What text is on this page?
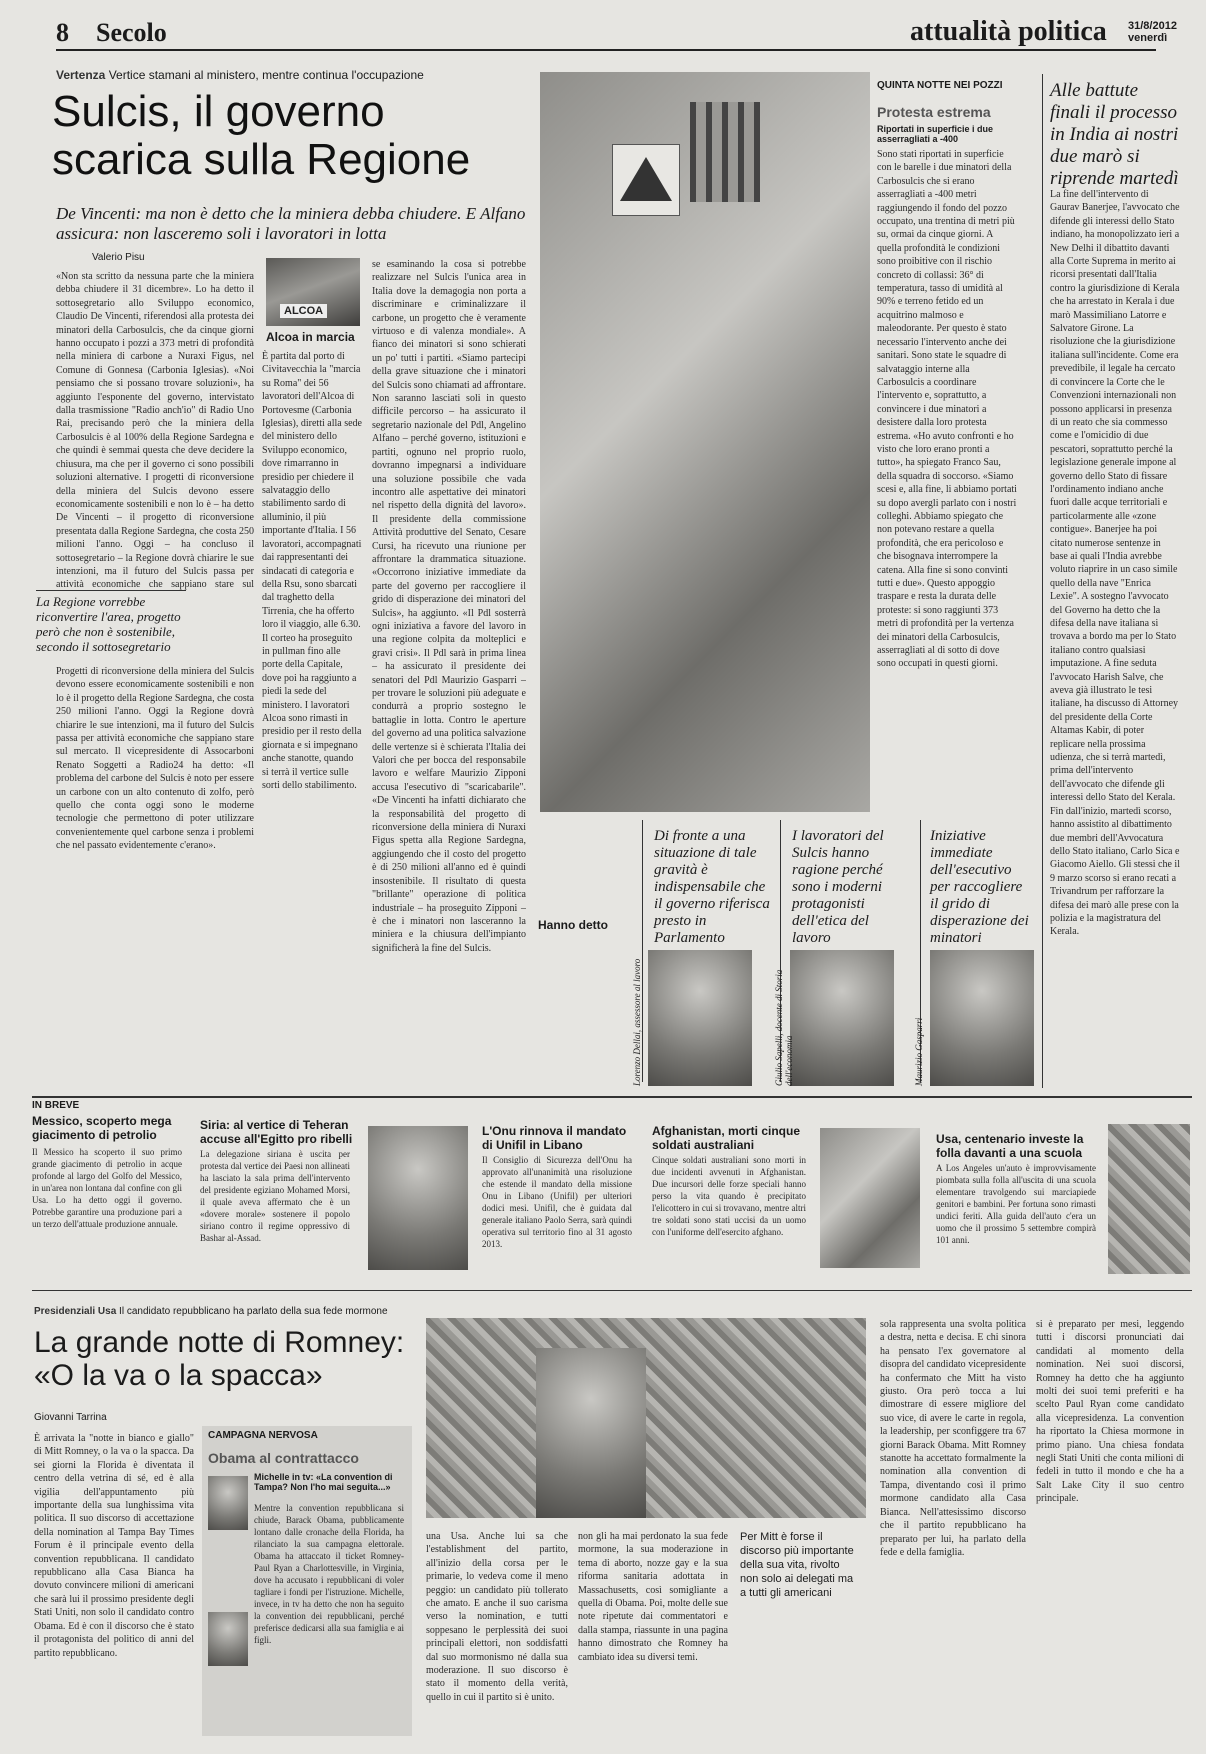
8 Secolo	attualità politica 31/8/2012 venerdì
Vertenza Vertice stamani al ministero, mentre continua l'occupazione
Sulcis, il governo scarica sulla Regione
De Vincenti: ma non è detto che la miniera debba chiudere. E Alfano assicura: non lasceremo soli i lavoratori in lotta
Valerio Pisu
«Non sta scritto da nessuna parte che la miniera debba chiudere il 31 dicembre». Lo ha detto il sottosegretario allo Sviluppo economico, Claudio De Vincenti, riferendosi alla protesta dei minatori della Carbosulcis, che da cinque giorni hanno occupato i pozzi a 373 metri di profondità nella miniera di carbone a Nuraxi Figus, nel Comune di Gonnesa (Carbonia Iglesias). «Noi pensiamo che si possano trovare soluzioni», ha aggiunto l'esponente del governo, intervistato dalla trasmissione "Radio anch'io" di Radio Uno Rai, precisando però che la miniera della Carbosulcis è al 100% della Regione Sardegna e che quindi è semmai questa che deve decidere la chiusura, ma che per il governo ci sono possibili soluzioni alternative. I progetti di riconversione della miniera del Sulcis devono essere economicamente sostenibili e non lo è – ha detto De Vincenti – il progetto di riconversione presentata dalla Regione Sardegna, che costa 250 milioni l'anno. Oggi – ha concluso il sottosegretario – la Regione dovrà chiarire le sue intenzioni, ma il futuro del Sulcis passa per attività economiche che sappiano stare sul
La Regione vorrebbe riconvertire l'area, progetto però che non è sostenibile, secondo il sottosegretario
Progetti di riconversione della miniera del Sulcis devono essere economicamente sostenibili e non lo è il progetto della Regione Sardegna, che costa 250 milioni l'anno. Oggi la Regione dovrà chiarire le sue intenzioni, ma il futuro del Sulcis passa per attività economiche che sappiano stare sul mercato. Il vicepresidente di Assocarboni Renato Soggetti a Radio24 ha detto: «Il problema del carbone del Sulcis è noto per essere un carbone con un alto contenuto di zolfo, però quello che conta oggi sono le moderne tecnologie che permettono di poter utilizzare convenientemente quel carbone senza i problemi che nel passato evidentemente c'erano».
ALCOA
Alcoa in marcia
È partita dal porto di Civitavecchia la "marcia su Roma" dei 56 lavoratori dell'Alcoa di Portovesme (Carbonia Iglesias), diretti alla sede del ministero dello Sviluppo economico, dove rimarranno in presidio per chiedere il salvataggio dello stabilimento sardo di alluminio, il più importante d'Italia. I 56 lavoratori, accompagnati dai rappresentanti dei sindacati di categoria e della Rsu, sono sbarcati dal traghetto della Tirrenia, che ha offerto loro il viaggio, alle 6.30. Il corteo ha proseguito in pullman fino alle porte della Capitale, dove poi ha raggiunto a piedi la sede del ministero. I lavoratori Alcoa sono rimasti in presidio per il resto della giornata e si impegnano anche stanotte, quando si terrà il vertice sulle sorti dello stabilimento.
se esaminando la cosa si potrebbe realizzare nel Sulcis l'unica area in Italia dove la demagogia non porta a discriminare e criminalizzare il carbone, un progetto che è veramente virtuoso e di valenza mondiale». A fianco dei minatori si sono schierati un po' tutti i partiti. «Siamo partecipi della grave situazione che i minatori del Sulcis sono chiamati ad affrontare. Non saranno lasciati soli in questo difficile percorso – ha assicurato il segretario nazionale del Pdl, Angelino Alfano – perché governo, istituzioni e partiti, ognuno nel proprio ruolo, dovranno impegnarsi a individuare una soluzione possibile che vada incontro alle aspettative dei minatori nel rispetto della dignità del lavoro». Il presidente della commissione Attività produttive del Senato, Cesare Cursi, ha ricevuto una riunione per affrontare la drammatica situazione. «Occorrono iniziative immediate da parte del governo per raccogliere il grido di disperazione dei minatori del Sulcis», ha aggiunto. «Il Pdl sosterrà ogni iniziativa a favore del lavoro in una regione colpita da molteplici e gravi crisi». Il Pdl sarà in prima linea – ha assicurato il presidente dei senatori del Pdl Maurizio Gasparri – per trovare le soluzioni più adeguate e condurrà a proprio sostegno le battaglie in lotta. Contro le aperture del governo ad una politica salvazione delle vertenze si è schierata l'Italia dei Valori che per bocca del responsabile lavoro e welfare Maurizio Zipponi accusa l'esecutivo di "scaricabarile". «De Vincenti ha infatti dichiarato che la responsabilità del progetto di riconversione della miniera di Nuraxi Figus spetta alla Regione Sardegna, aggiungendo che il costo del progetto è di 250 milioni all'anno ed è quindi insostenibile. Il risultato di questa "brillante" operazione di politica industriale – ha proseguito Zipponi – è che i minatori non lasceranno la miniera e la chiusura dell'impianto significherà la fine del Sulcis.
QUINTA NOTTE NEI POZZI
Protesta estrema
Riportati in superficie i due asserragliati a -400
Sono stati riportati in superficie con le barelle i due minatori della Carbosulcis che si erano asserragliati a -400 metri raggiungendo il fondo del pozzo occupato, una trentina di metri più su, ormai da cinque giorni. A quella profondità le condizioni sono proibitive con il rischio concreto di collassi: 36° di temperatura, tasso di umidità al 90% e terreno fetido ed un acquitrino malmoso e maleodorante. Per questo è stato necessario l'intervento anche dei sanitari. Sono state le squadre di salvataggio interne alla Carbosulcis a coordinare l'intervento e, soprattutto, a convincere i due minatori a desistere dalla loro protesta estrema. «Ho avuto confronti e ho visto che loro erano pronti a tutto», ha spiegato Franco Sau, della squadra di soccorso. «Siamo scesi e, alla fine, li abbiamo portati su dopo avergli parlato con i nostri colleghi. Abbiamo spiegato che non potevano restare a quella profondità, che era pericoloso e che bisognava interrompere la catena. Alla fine si sono convinti tutti e due». Questo appoggio traspare e resta la durata delle proteste: si sono raggiunti 373 metri di profondità per la vertenza dei minatori della Carbosulcis, asserragliati al di sotto di dove sono occupati in questi giorni.
Hanno detto
Di fronte a una situazione di tale gravità è indispensabile che il governo riferisca presto in Parlamento
Lorenzo Dellai, assessore al lavoro
I lavoratori del Sulcis hanno ragione perché sono i moderni protagonisti dell'etica del lavoro
Giulio Sapelli, docente di Storia dell'economia
Iniziative immediate dell'esecutivo per raccogliere il grido di disperazione dei minatori
Maurizio Gasparri
Alle battute finali il processo in India ai nostri due marò si riprende martedì
La fine dell'intervento di Gaurav Banerjee, l'avvocato che difende gli interessi dello Stato indiano, ha monopolizzato ieri a New Delhi il dibattito davanti alla Corte Suprema in merito ai ricorsi presentati dall'Italia contro la giurisdizione di Kerala che ha arrestato in Kerala i due marò Massimiliano Latorre e Salvatore Girone. La risoluzione che la giurisdizione italiana sull'incidente. Come era prevedibile, il legale ha cercato di convincere la Corte che le Convenzioni internazionali non possono applicarsi in presenza di un reato che sia commesso come e l'omicidio di due pescatori, soprattutto perché la legislazione generale impone al governo dello Stato di fissare l'ordinamento indiano anche fuori dalle acque territoriali e particolarmente alle «zone contigue». Banerjee ha poi citato numerose sentenze in base ai quali l'India avrebbe voluto riaprire in un caso simile quello della nave "Enrica Lexie". A sostegno l'avvocato del Governo ha detto che la difesa della nave italiana si trovava a bordo ma per lo Stato italiano contro qualsiasi imputazione. A fine seduta l'avvocato Harish Salve, che aveva già illustrato le tesi italiane, ha discusso di Attorney del presidente della Corte Altamas Kabir, di poter replicare nella prossima udienza, che si terrà martedì, prima dell'intervento dell'avvocato che difende gli interessi dello Stato del Kerala. Fin dall'inizio, martedì scorso, hanno assistito al dibattimento due membri dell'Avvocatura dello Stato italiano, Carlo Sica e Giacomo Aiello. Gli stessi che il 9 marzo scorso si erano recati a Trivandrum per rafforzare la difesa dei marò alle prese con la polizia e la magistratura del Kerala.
IN BREVE
Messico, scoperto mega giacimento di petrolio
Il Messico ha scoperto il suo primo grande giacimento di petrolio in acque profonde al largo del Golfo del Messico, in un'area non lontana dal confine con gli Usa. Lo ha detto oggi il governo. Potrebbe garantire una produzione pari a un terzo dell'attuale produzione annuale.
Siria: al vertice di Teheran accuse all'Egitto pro ribelli
La delegazione siriana è uscita per protesta dal vertice dei Paesi non allineati ha lasciato la sala prima dell'intervento del presidente egiziano Mohamed Morsi, il quale aveva affermato che è un «dovere morale» sostenere il popolo siriano contro il regime oppressivo di Bashar al-Assad.
L'Onu rinnova il mandato di Unifil in Libano
Il Consiglio di Sicurezza dell'Onu ha approvato all'unanimità una risoluzione che estende il mandato della missione Onu in Libano (Unifil) per ulteriori dodici mesi. Unifil, che è guidata dal generale italiano Paolo Serra, sarà quindi operativa sul territorio fino al 31 agosto 2013.
Afghanistan, morti cinque soldati australiani
Cinque soldati australiani sono morti in due incidenti avvenuti in Afghanistan. Due incursori delle forze speciali hanno perso la vita quando è precipitato l'elicottero in cui si trovavano, mentre altri tre soldati sono stati uccisi da un uomo con l'uniforme dell'esercito afghano.
Usa, centenario investe la folla davanti a una scuola
A Los Angeles un'auto è improvvisamente piombata sulla folla all'uscita di una scuola elementare travolgendo sui marciapiede genitori e bambini. Per fortuna sono rimasti undici feriti. Alla guida dell'auto c'era un uomo che il prossimo 5 settembre compirà 101 anni.
Presidenziali Usa Il candidato repubblicano ha parlato della sua fede mormone
La grande notte di Romney: «O la va o la spacca»
Giovanni Tarrina
È arrivata la "notte in bianco e giallo" di Mitt Romney, o la va o la spacca. Da sei giorni la Florida è diventata il centro della vetrina di sé, ed è alla vigilia dell'appuntamento più importante della sua lunghissima vita politica. Il suo discorso di accettazione della nomination al Tampa Bay Times Forum è il principale evento della convention repubblicana. Il candidato repubblicano alla Casa Bianca ha dovuto convincere milioni di americani che sarà lui il prossimo presidente degli Stati Uniti, non solo il candidato contro Obama. Ed è con il discorso che è stato il protagonista del politico di anni del partito repubblicano.
CAMPAGNA NERVOSA
Obama al contrattacco
Michelle in tv: «La convention di Tampa? Non l'ho mai seguita...»
Mentre la convention repubblicana si chiude, Barack Obama, pubblicamente lontano dalle cronache della Florida, ha rilanciato la sua campagna elettorale. Obama ha attaccato il ticket Romney-Paul Ryan a Charlottesville, in Virginia, dove ha accusato i repubblicani di voler tagliare i fondi per l'istruzione. Michelle, invece, in tv ha detto che non ha seguito la convention dei repubblicani, perché preferisce dedicarsi alla sua famiglia e ai figli.
una Usa. Anche lui sa che l'establishment del partito, all'inizio della corsa per le primarie, lo vedeva come il meno peggio: un candidato più tollerato che amato. E anche il suo carisma verso la nomination, e tutti soppesano le perplessità dei suoi principali elettori, non soddisfatti dal suo mormonismo né dalla sua moderazione. Il suo discorso è stato il momento della verità, quello in cui il partito si è unito.
non gli ha mai perdonato la sua fede mormone, la sua moderazione in tema di aborto, nozze gay e la sua riforma sanitaria adottata in Massachusetts, così somigliante a quella di Obama. Poi, molte delle sue note ripetute dai commentatori e dalla stampa, riassunte in una pagina hanno dimostrato che Romney ha cambiato idea su diversi temi.
Per Mitt è forse il discorso più importante della sua vita, rivolto non solo ai delegati ma a tutti gli americani
sola rappresenta una svolta politica a destra, netta e decisa. E chi sinora ha pensato l'ex governatore al disopra del candidato vicepresidente ha confermato che Mitt ha visto giusto. Ora però tocca a lui dimostrare di essere migliore del suo vice, di avere le carte in regola, la leadership, per sconfiggere tra 67 giorni Barack Obama. Mitt Romney stanotte ha accettato formalmente la nomination alla convention di Tampa, diventando così il primo mormone candidato alla Casa Bianca. Nell'attesissimo discorso che il partito repubblicano ha preparato per lui, ha parlato della fede e della famiglia.
si è preparato per mesi, leggendo tutti i discorsi pronunciati dai candidati al momento della nomination. Nei suoi discorsi, Romney ha detto che ha aggiunto molti dei suoi temi preferiti e ha scelto Paul Ryan come candidato alla vicepresidenza. La convention ha riportato la Chiesa mormone in primo piano. Una chiesa fondata negli Stati Uniti che conta milioni di fedeli in tutto il mondo e che ha a Salt Lake City il suo centro principale.
